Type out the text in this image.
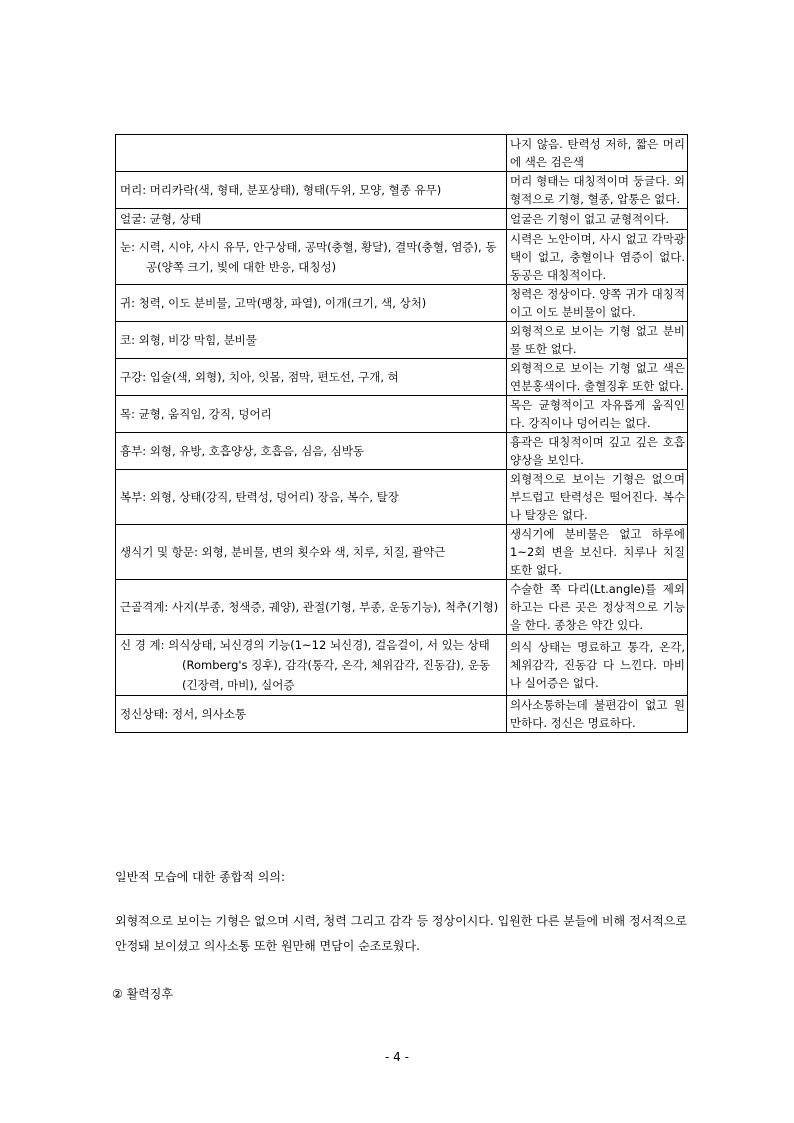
	나지 않음. 탄력성 저하, 짧은 머리에 색은 검은색
머리: 머리카락(색, 형태, 분포상태), 형태(두위, 모양, 혈종 유무)	머리 형태는 대칭적이며 둥글다. 외형적으로 기형, 혈종, 압통은 없다.
얼굴: 균형, 상태	얼굴은 기형이 없고 균형적이다.

눈: 시력, 시야, 사시 유무, 안구상태, 공막(충혈, 황달), 결막(충혈, 염증), 동공(양쪽 크기, 빛에 대한 반응, 대칭성)	시력은 노안이며, 사시 없고 각막광택이 없고, 충혈이나 염증이 없다. 동공은 대칭적이다.
귀: 청력, 이도 분비물, 고막(팽창, 파열), 이개(크기, 색, 상처)	청력은 정상이다. 양쪽 귀가 대칭적이고 이도 분비물이 없다.
코: 외형, 비강 막힘, 분비물	외형적으로 보이는 기형 없고 분비물 또한 없다.
구강: 입술(색, 외형), 치아, 잇몸, 점막, 편도선, 구개, 혀	외형적으로 보이는 기형 없고 색은 연분홍색이다. 출혈징후 또한 없다.
목: 균형, 움직임, 강직, 덩어리	목은 균형적이고 자유롭게 움직인다. 강직이나 덩어리는 없다.
흉부: 외형, 유방, 호흡양상, 호흡음, 심음, 심박동	흉곽은 대칭적이며 깊고 깊은 호흡양상을 보인다.
복부: 외형, 상태(강직, 탄력성, 덩어리) 장음, 복수, 탈장	외형적으로 보이는 기형은 없으며 부드럽고 탄력성은 떨어진다. 복수나 탈장은 없다.
생식기 및 항문: 외형, 분비물, 변의 횟수와 색, 치루, 치질, 괄약근	생식기에 분비물은 없고 하루에 1~2회 변을 보신다. 치루나 치질 또한 없다.

근골격계: 사지(부종, 청색증, 궤양), 관절(기형, 부종, 운동기능), 척추(기형)	수술한 쪽 다리(Lt.angle)를 제외하고는 다른 곳은 정상적으로 기능을 한다. 종창은 약간 있다.

신 경 계: 의식상태, 뇌신경의 기능(1~12 뇌신경), 걸음걸이, 서 있는 상태 (Romberg's 징후), 감각(통각, 온각, 체위감각, 진동감), 운동(긴장력, 마비), 실어증	의식 상태는 명료하고 통각, 온각, 체위감각, 진동감 다 느낀다. 마비나 실어증은 없다.
정신상태: 정서, 의사소통	의사소통하는데 불편감이 없고 원만하다. 정신은 명료하다.
일반적 모습에 대한 종합적 의의:
외형적으로 보이는 기형은 없으며 시력, 청력 그리고 감각 등 정상이시다. 입원한 다른 분들에 비해 정서적으로 안정돼 보이셨고 의사소통 또한 원만해 면담이 순조로웠다.
② 활력징후
- 4 -
